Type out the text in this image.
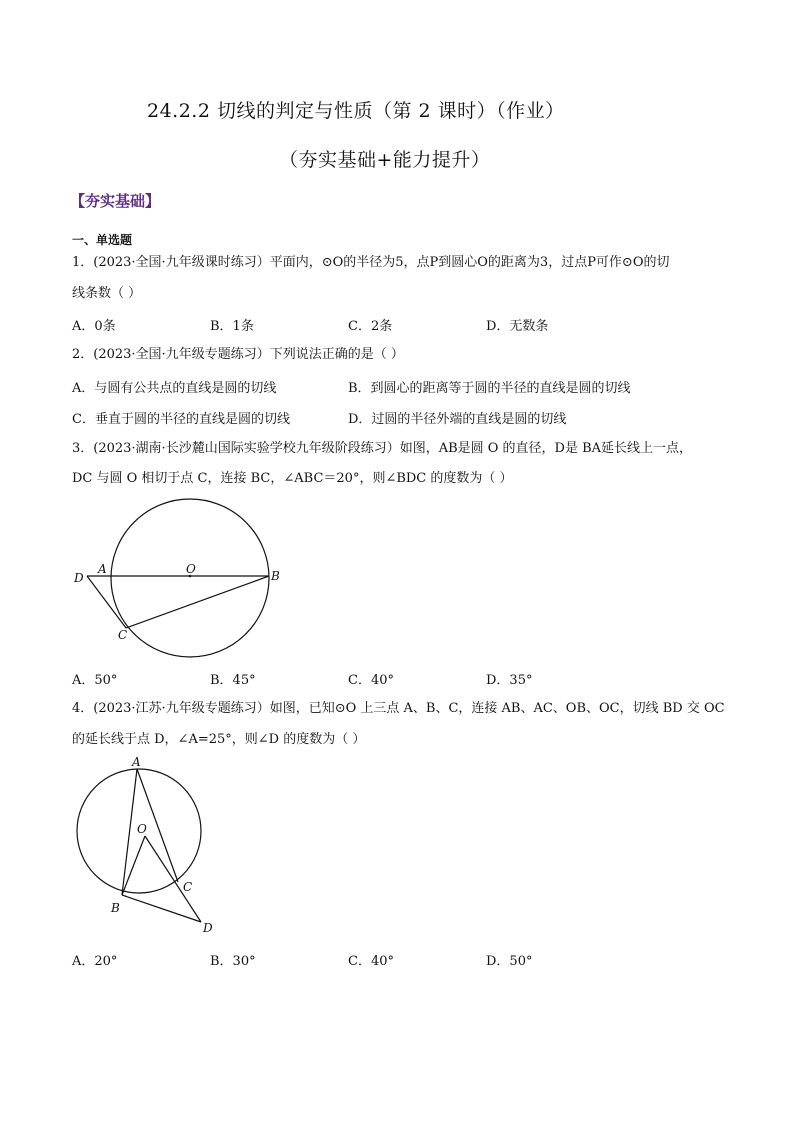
24.2.2 切线的判定与性质（第 2 课时）（作业）
（夯实基础+能力提升）
【夯实基础】
一、单选题
1．(2023·全国·九年级课时练习）平面内，⊙O的半径为5，点P到圆心O的距离为3，过点P可作⊙O的切
线条数（ ）
A．0条	B．1条	C．2条	D．无数条
2．(2023·全国·九年级专题练习）下列说法正确的是（ ）
A．与圆有公共点的直线是圆的切线	B．到圆心的距离等于圆的半径的直线是圆的切线
C．垂直于圆的半径的直线是圆的切线	D．过圆的半径外端的直线是圆的切线
3．(2023·湖南·长沙麓山国际实验学校九年级阶段练习）如图，AB是圆 O 的直径，D是 BA延长线上一点，
DC 与圆 O 相切于点 C，连接 BC，∠ABC＝20°，则∠BDC 的度数为（ ）
D
A	O	B
C
A．50°	B．45°	C．40°	D．35°
4．(2023·江苏·九年级专题练习）如图，已知⊙O 上三点 A、B、C，连接 AB、AC、OB、OC，切线 BD 交 OC
的延长线于点 D，∠A=25°，则∠D 的度数为（ ）
A
O
B
C
D
A．20°	B．30°	C．40°	D．50°
